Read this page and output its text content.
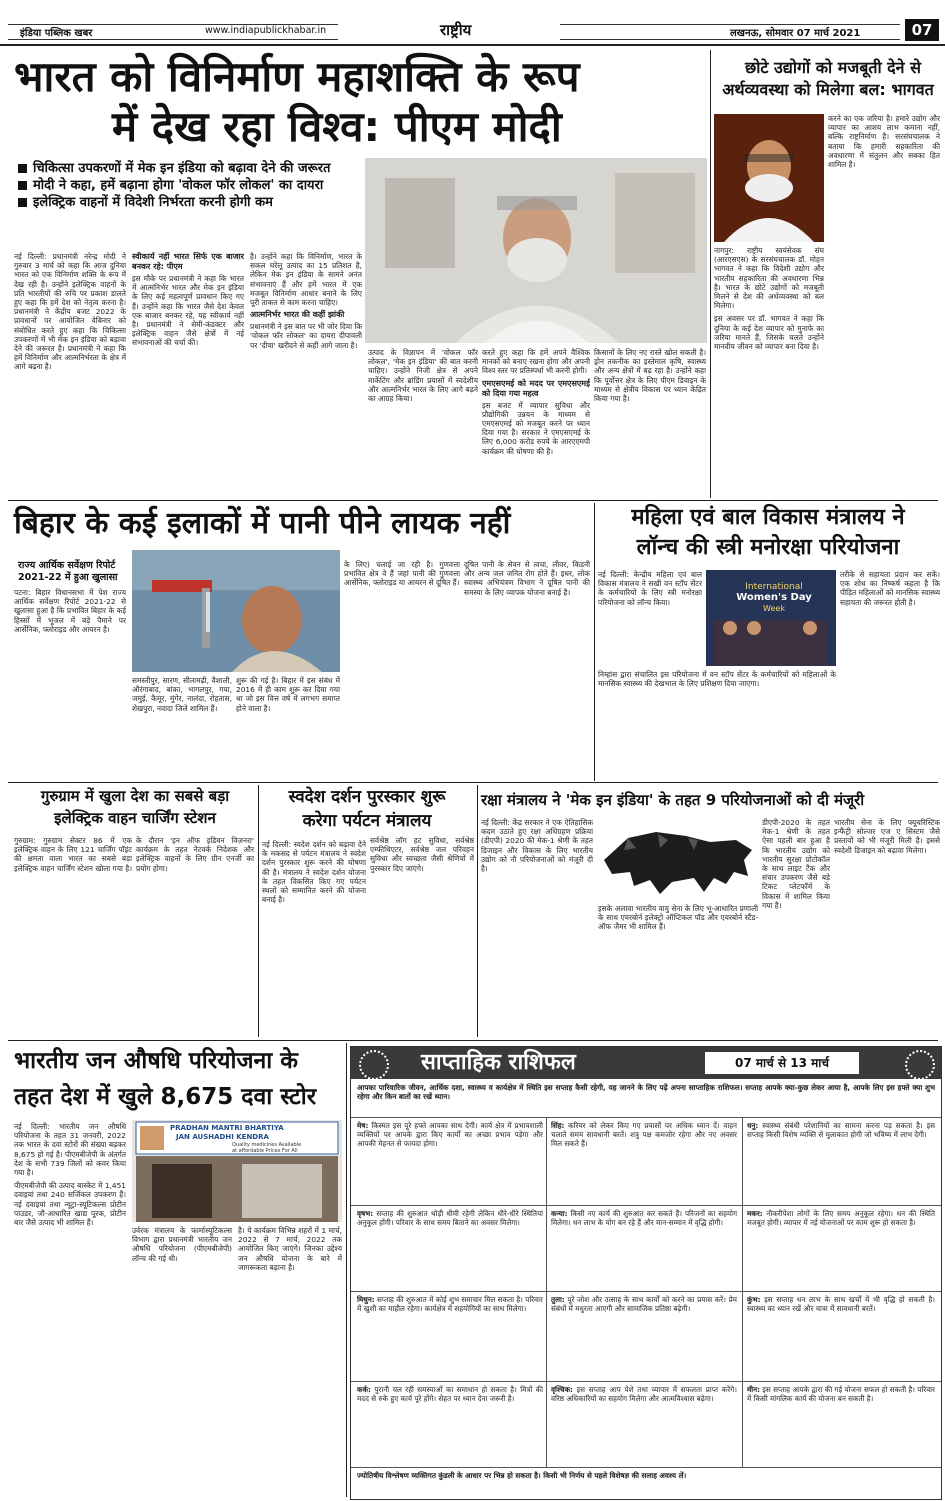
इंडिया पब्लिक खबर	www.indiapublickhabar.in	राष्ट्रीय	लखनऊ, सोमवार 07 मार्च 2021	07
भारत को विनिर्माण महाशक्ति के रूप
में देख रहा विश्व: पीएम मोदी
चिकित्सा उपकरणों में मेक इन इंडिया को बढ़ावा देने की जरूरत
मोदी ने कहा, हमें बढ़ाना होगा 'वोकल फॉर लोकल' का दायरा
इलेक्ट्रिक वाहनों में विदेशी निर्भरता करनी होगी कम
नई दिल्ली: प्रधानमंत्री नरेन्द्र मोदी ने गुरुवार 3 मार्च को कहा कि आज दुनिया भारत को एक विनिर्माण शक्ति के रूप में देख रही है। उन्होंने इलेक्ट्रिक वाहनों के प्रति भारतीयों की रुचि पर प्रकाश डालते हुए कहा कि हमें देश को नेतृत्व करना है। प्रधानमंत्री ने केंद्रीय बजट 2022 के प्रावधानों पर आयोजित वेबिनार को संबोधित करते हुए कहा कि चिकित्सा उपकरणों में भी मेक इन इंडिया को बढ़ावा देने की जरूरत है। प्रधानमंत्री ने कहा कि हमें विनिर्माण और आत्मनिर्भरता के क्षेत्र में आगे बढ़ना है।
स्वीकार्य नहीं भारत सिर्फ एक बाजार बनकर रहे: पीएम
इस मौके पर प्रधानमंत्री ने कहा कि भारत में आत्मनिर्भर भारत और मेक इन इंडिया के लिए कई महत्वपूर्ण प्रावधान किए गए हैं। उन्होंने कहा कि भारत जैसे देश केवल एक बाजार बनकर रहे, यह स्वीकार्य नहीं है। प्रधानमंत्री ने सेमी-कंडक्टर और इलेक्ट्रिक वाहन जैसे क्षेत्रों में नई संभावनाओं की चर्चा की।
है। उन्होंने कहा कि विनिर्माण, भारत के सकल घरेलू उत्पाद का 15 प्रतिशत है, लेकिन मेक इन इंडिया के सामने अनंत संभावनाएं हैं और हमें भारत में एक मजबूत विनिर्माण आधार बनाने के लिए पूरी ताकत से काम करना चाहिए।
आत्मनिर्भर भारत की कहीं झांकी
प्रधानमंत्री ने इस बात पर भी जोर दिया कि 'वोकल फॉर लोकल' का दायरा दीपावली पर 'दीया' खरीदने से कहीं आगे जाता है।
उत्पाद के विज्ञापन में 'वोकल फॉर लोकल', 'मेक इन इंडिया' की बात करनी चाहिए। उन्होंने निजी क्षेत्र से अपने मार्केटिंग और ब्रांडिंग प्रयासों में स्वदेशीय और आत्मनिर्भर भारत के लिए आगे बढ़ने का आग्रह किया।
करते हुए कहा कि हमें अपने वैश्विक मानकों को बनाए रखना होगा और अपनी विश्व स्तर पर प्रतिस्पर्धा भी करनी होगी।
एमएसएमई को मदद पर एमएसएमई को दिया गया महत्व
इस बजट में व्यापार सुविधा और प्रौद्योगिकी उन्नयन के माध्यम से एमएसएमई को मजबूत करने पर ध्यान दिया गया है। सरकार ने एमएसएमई के लिए 6,000 करोड़ रुपये के आरएएमपी कार्यक्रम की घोषणा की है।
किसानों के लिए नए रास्ते खोल सकती है। ड्रोन तकनीक का इस्तेमाल कृषि, स्वास्थ्य और अन्य क्षेत्रों में बढ़ रहा है। उन्होंने कहा कि पूर्वोत्तर क्षेत्र के लिए पीएम डिवाइन के माध्यम से क्षेत्रीय विकास पर ध्यान केंद्रित किया गया है।
छोटे उद्योगों को मजबूती देने से
अर्थव्यवस्था को मिलेगा बल: भागवत
करने का एक जरिया है। हमारे उद्योग और व्यापार का आशय लाभ कमाना नहीं, बल्कि राष्ट्रनिर्माण है। सरसंघचालक ने बताया कि हमारी सहकारिता की अवधारणा में संतुलन और सबका हित शामिल है।
नागपुर: राष्ट्रीय स्वयंसेवक संघ (आरएसएस) के सरसंघचालक डॉ. मोहन भागवत ने कहा कि विदेशी उद्योग और भारतीय सहकारिता की अवधारणा भिन्न है। भारत के छोटे उद्योगों को मजबूती मिलने से देश की अर्थव्यवस्था को बल मिलेगा।
इस अवसर पर डॉ. भागवत ने कहा कि दुनिया के कई देश व्यापार को मुनाफे का जरिया मानते हैं, जिसके चलते उन्होंने मानवीय जीवन को व्यापार बना दिया है।
बिहार के कई इलाकों में पानी पीने लायक नहीं
राज्य आर्थिक सर्वेक्षण रिपोर्ट 2021-22 में हुआ खुलासा
पटना: बिहार विधानसभा में पेश राज्य आर्थिक सर्वेक्षण रिपोर्ट 2021-22 से खुलासा हुआ है कि प्रभावित बिहार के कई हिस्सों में भूजल में बड़े पैमाने पर आर्सेनिक, फ्लोराइड और आयरन है।
समस्तीपुर, सारण, सीतामढ़ी, वैशाली, औरंगाबाद, बांका, भागलपुर, गया, जमुई, कैमूर, मुंगेर, नालंदा, रोहतास, शेखपुरा, नवादा जिले शामिल हैं।
शुरू की गई है। बिहार में इस संबंध में 2016 में ही काम शुरू कर दिया गया था जो इस वित्त वर्ष में लगभग समाप्त होने वाला है।
के लिए) चलाई जा रही है। गुणवत्ता प्रभावित क्षेत्र वे हैं जहां पानी की गुणवत्ता आर्सेनिक, फ्लोराइड या आयरन से दूषित हैं।
दूषित पानी के सेवन से त्वचा, लीवर, किडनी और अन्य जल जनित रोग होते हैं। इधर, लोक स्वास्थ्य अभियंत्रण विभाग ने दूषित पानी की समस्या के लिए व्यापक योजना बनाई है।
महिला एवं बाल विकास मंत्रालय ने
लॉन्च की स्त्री मनोरक्षा परियोजना
नई दिल्ली: केन्द्रीय महिला एवं बाल विकास मंत्रालय ने सखी वन स्टॉप सेंटर के कर्मचारियों के लिए स्त्री मनोरक्षा परियोजना को लॉन्च किया।
International
Women's Day
Week
तरीके से सहायता प्रदान कर सकें। एक शोध का निष्कर्ष कहता है कि पीड़ित महिलाओं को मानसिक स्वास्थ्य सहायता की जरूरत होती है।
निम्हांस द्वारा संचालित इस परियोजना में वन स्टॉप सेंटर के कर्मचारियों को महिलाओं के मानसिक स्वास्थ्य की देखभाल के लिए प्रशिक्षण दिया जाएगा।
गुरुग्राम में खुला देश का सबसे बड़ा
इलेक्ट्रिक वाहन चार्जिंग स्टेशन
गुरुग्राम: गुरुग्राम सेक्टर 86 में एक इलेक्ट्रिक वाहन के लिए 121 चार्जिंग पॉइंट की क्षमता वाला भारत का सबसे बड़ा इलेक्ट्रिक वाहन चार्जिंग स्टेशन खोला गया है।
के दौरान 'इन ऑफ इडियन विज़नरा' कार्यक्रम के तहत नेटवर्क निदेशक और इलेक्ट्रिक वाहनों के लिए ग्रीन एनर्जी का प्रयोग होगा।
स्वदेश दर्शन पुरस्कार शुरू
करेगा पर्यटन मंत्रालय
नई दिल्ली: स्वदेश दर्शन को बढ़ावा देने के मकसद से पर्यटन मंत्रालय ने स्वदेश दर्शन पुरस्कार शुरू करने की घोषणा की है। मंत्रालय ने स्वदेश दर्शन योजना के तहत विकसित किए गए पर्यटन स्थलों को सम्मानित करने की योजना बनाई है।
सर्वश्रेष्ठ लॉग हट सुविधा, सर्वश्रेष्ठ एम्फीथिएटर, सर्वश्रेष्ठ जल परिवहन सुविधा और स्वच्छता जैसी श्रेणियों में पुरस्कार दिए जाएंगे।
रक्षा मंत्रालय ने 'मेक इन इंडिया' के तहत 9 परियोजनाओं को दी मंजूरी
नई दिल्ली: केंद्र सरकार ने एक ऐतिहासिक कदम उठाते हुए रक्षा अधिग्रहण प्रक्रिया (डीएपी) 2020 की मेक-1 श्रेणी के तहत डिजाइन और विकास के लिए भारतीय उद्योग को नौ परियोजनाओं को मंजूरी दी है।
डीएपी-2020 के तहत मेक-1 श्रेणी के तहत ऐसा पहली बार हुआ है कि भारतीय उद्योग को भारतीय सुरक्षा प्रोटोकॉल के साथ लाइट टैंक और संचार उपकरण जैसे बड़े टिकट प्लेटफॉर्म के विकास में शामिल किया गया है।
भारतीय सेना के लिए फ्यूचरिस्टिक इन्फैंट्री सोल्जर एज ए सिस्टम जैसे प्रस्तावों को भी मंजूरी मिली है। इससे स्वदेशी डिजाइन को बढ़ावा मिलेगा।
इसके अलावा भारतीय वायु सेना के लिए भू-आधारित प्रणाली के साथ एयरबोर्न इलेक्ट्रो ऑप्टिकल पॉड और एयरबोर्न स्टैंड-ऑफ जैमर भी शामिल हैं।
भारतीय जन औषधि परियोजना के
तहत देश में खुले 8,675 दवा स्टोर
नई दिल्ली: भारतीय जन औषधि परियोजना के तहत 31 जनवरी, 2022 तक भारत के दवा स्टोरों की संख्या बढ़कर 8,675 हो गई है। पीएमबीजेपी के अंतर्गत देश के सभी 739 जिलों को कवर किया गया है।
पीएमबीजेपी की उत्पाद बास्केट में 1,451 दवाइयां तथा 240 सर्जिकल उपकरण हैं। नई दवाइयां तथा न्यूट्रा-स्यूटिकल्स प्रोटीन पाउडर, जौ-आधारित खाद्य पूरक, प्रोटीन बार जैसे उत्पाद भी शामिल हैं।
PRADHAN MANTRI BHARTIYA
JAN AUSHADHI KENDRA
Quality medicines Available
at affordable Prices For All
उर्वरक मंत्रालय के फार्मास्यूटिकल्स विभाग द्वारा प्रधानमंत्री भारतीय जन औषधि परियोजना (पीएमबीजेपी) लॉन्च की गई थी।
है। ये कार्यक्रम विभिन्न शहरों में 1 मार्च, 2022 से 7 मार्च, 2022 तक आयोजित किए जाएंगे। जिनका उद्देश्य जन औषधि योजना के बारे में जागरूकता बढ़ाना है।
साप्ताहिक राशिफल	07 मार्च से 13 मार्च
आपका पारिवारिक जीवन, आर्थिक दशा, स्वास्थ्य व कार्यक्षेत्र में स्थिति इस सप्ताह कैसी रहेगी, यह जानने के लिए पढ़ें अपना साप्ताहिक राशिफल। सप्ताह आपके क्या-कुछ लेकर आया है, आपके लिए इस हफ्ते क्या शुभ रहेगा और किन बातों का रखें ध्यान।
मेष: किस्मत इस पूरे हफ्ते आपका साथ देगी। कार्य क्षेत्र में प्रभावशाली व्यक्तियों पर आपके द्वारा किए कार्यों का अच्छा प्रभाव पड़ेगा और आपकी मेहनत से फायदा होगा।
सिंह: करियर को लेकर किए गए प्रयासों पर अधिक ध्यान दें। वाहन चलाते समय सावधानी बरतें। शत्रु पक्ष कमजोर रहेगा और नए अवसर मिल सकते हैं।
धनु: स्वास्थ्य संबंधी परेशानियों का सामना करना पड़ सकता है। इस सप्ताह किसी विशेष व्यक्ति से मुलाकात होगी जो भविष्य में लाभ देगी।
वृषभ: सप्ताह की शुरुआत थोड़ी धीमी रहेगी लेकिन धीरे-धीरे स्थितियां अनुकूल होंगी। परिवार के साथ समय बिताने का अवसर मिलेगा।
कन्या: किसी नए कार्य की शुरुआत कर सकते हैं। परिजनों का सहयोग मिलेगा। धन लाभ के योग बन रहे हैं और मान-सम्मान में वृद्धि होगी।
मकर: नौकरीपेशा लोगों के लिए समय अनुकूल रहेगा। धन की स्थिति मजबूत होगी। व्यापार में नई योजनाओं पर काम शुरू हो सकता है।
मिथुन: सप्ताह की शुरुआत में कोई शुभ समाचार मिल सकता है। परिवार में खुशी का माहौल रहेगा। कार्यक्षेत्र में सहयोगियों का साथ मिलेगा।
तुला: पूरे जोश और उत्साह के साथ कार्यों को करने का प्रयास करें। प्रेम संबंधों में मधुरता आएगी और सामाजिक प्रतिष्ठा बढ़ेगी।
कुंभ: इस सप्ताह धन लाभ के साथ खर्चों में भी वृद्धि हो सकती है। स्वास्थ्य का ध्यान रखें और यात्रा में सावधानी बरतें।
कर्क: पुरानी चल रही समस्याओं का समाधान हो सकता है। मित्रों की मदद से रुके हुए कार्य पूरे होंगे। सेहत पर ध्यान देना जरूरी है।
वृश्चिक: इस सप्ताह आप पेशे तथा व्यापार में सफलता प्राप्त करेंगे। वरिष्ठ अधिकारियों का सहयोग मिलेगा और आत्मविश्वास बढ़ेगा।
मीन: इस सप्ताह आपके द्वारा की गई योजना सफल हो सकती है। परिवार में किसी मांगलिक कार्य की योजना बन सकती है।
ज्योतिषीय विश्लेषण व्यक्तिगत कुंडली के आधार पर भिन्न हो सकता है। किसी भी निर्णय से पहले विशेषज्ञ की सलाह अवश्य लें।
